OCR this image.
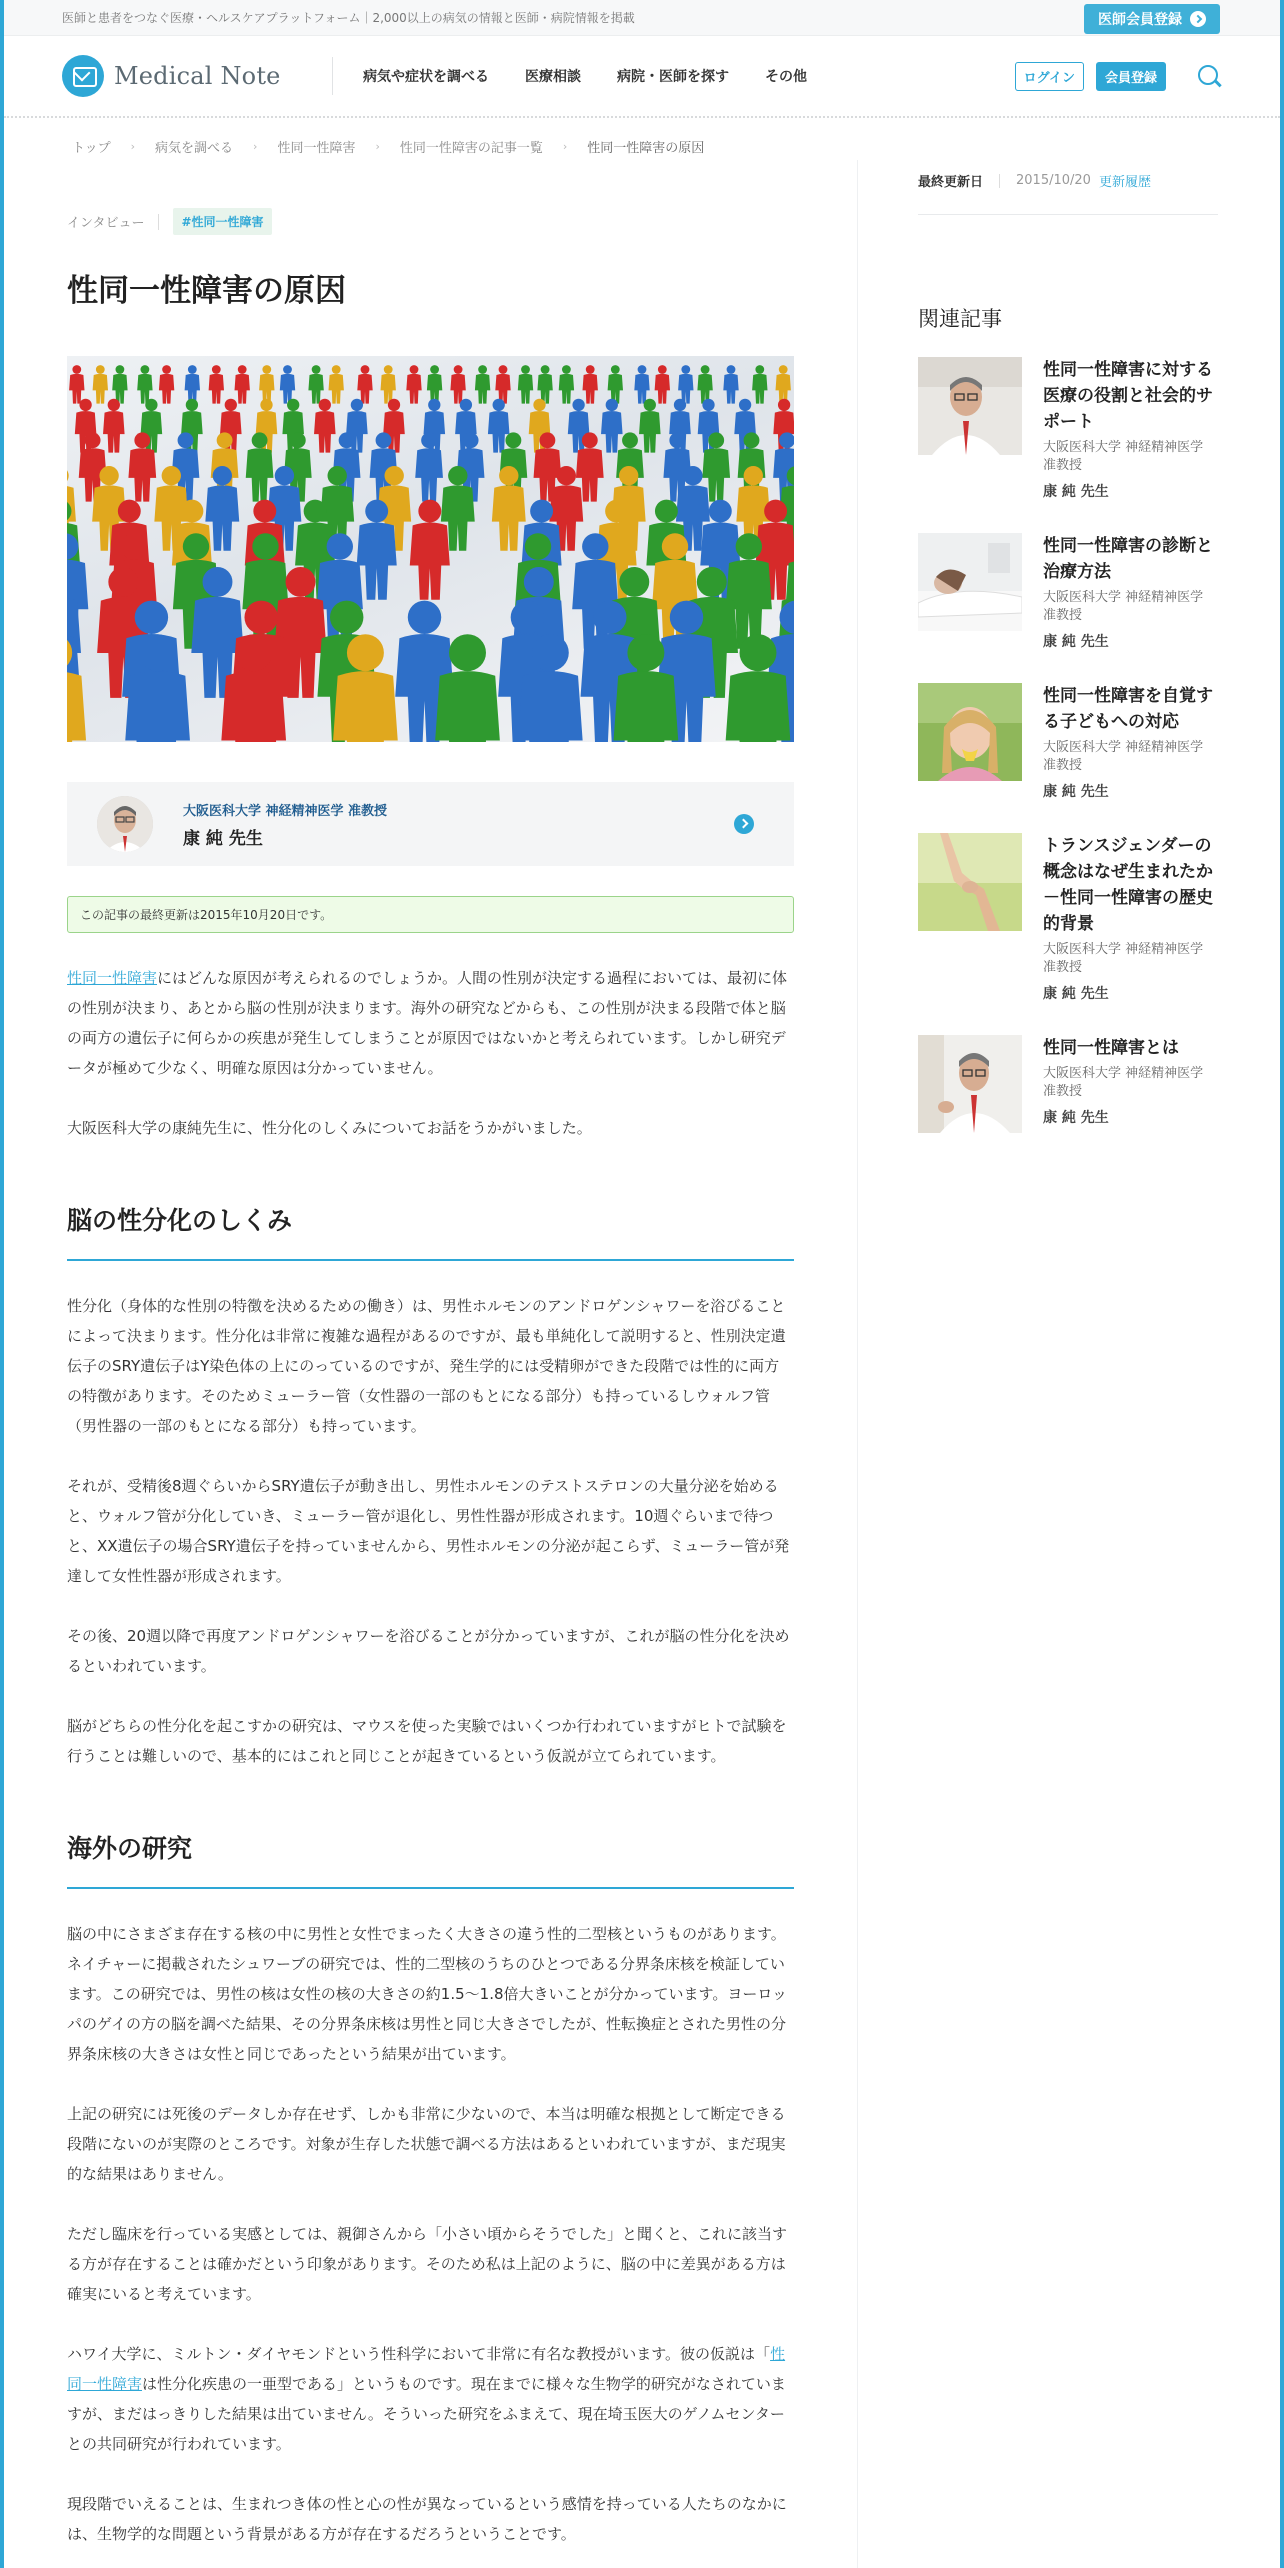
医師と患者をつなぐ医療・ヘルスケアプラットフォーム｜2,000以上の病気の情報と医師・病院情報を掲載	医師会員登録
Medical Note	病気や症状を調べる	医療相談	病院・医師を探す	その他	ログイン	会員登録
トップ › 病気を調べる › 性同一性障害 › 性同一性障害の記事一覧 › 性同一性障害の原因
インタビュー	#性同一性障害
性同一性障害の原因
大阪医科大学 神経精神医学 准教授
康 純 先生
この記事の最終更新は2015年10月20日です。

性同一性障害にはどんな原因が考えられるのでしょうか。人間の性別が決定する過程においては、最初に体の性別が決まり、あとから脳の性別が決まります。海外の研究などからも、この性別が決まる段階で体と脳の両方の遺伝子に何らかの疾患が発生してしまうことが原因ではないかと考えられています。しかし研究データが極めて少なく、明確な原因は分かっていません。

大阪医科大学の康純先生に、性分化のしくみについてお話をうかがいました。

脳の性分化のしくみ

性分化（身体的な性別の特徴を決めるための働き）は、男性ホルモンのアンドロゲンシャワーを浴びることによって決まります。性分化は非常に複雑な過程があるのですが、最も単純化して説明すると、性別決定遺伝子のSRY遺伝子はY染色体の上にのっているのですが、発生学的には受精卵ができた段階では性的に両方の特徴があります。そのためミューラー管（女性器の一部のもとになる部分）も持っているしウォルフ管（男性器の一部のもとになる部分）も持っています。

それが、受精後8週ぐらいからSRY遺伝子が動き出し、男性ホルモンのテストステロンの大量分泌を始めると、ウォルフ管が分化していき、ミューラー管が退化し、男性性器が形成されます。10週ぐらいまで待つと、XX遺伝子の場合SRY遺伝子を持っていませんから、男性ホルモンの分泌が起こらず、ミューラー管が発達して女性性器が形成されます。

その後、20週以降で再度アンドロゲンシャワーを浴びることが分かっていますが、これが脳の性分化を決めるといわれています。

脳がどちらの性分化を起こすかの研究は、マウスを使った実験ではいくつか行われていますがヒトで試験を行うことは難しいので、基本的にはこれと同じことが起きているという仮説が立てられています。

海外の研究

脳の中にさまざま存在する核の中に男性と女性でまったく大きさの違う性的二型核というものがあります。ネイチャーに掲載されたシュワーブの研究では、性的二型核のうちのひとつである分界条床核を検証しています。この研究では、男性の核は女性の核の大きさの約1.5～1.8倍大きいことが分かっています。ヨーロッパのゲイの方の脳を調べた結果、その分界条床核は男性と同じ大きさでしたが、性転換症とされた男性の分界条床核の大きさは女性と同じであったという結果が出ています。

上記の研究には死後のデータしか存在せず、しかも非常に少ないので、本当は明確な根拠として断定できる段階にないのが実際のところです。対象が生存した状態で調べる方法はあるといわれていますが、まだ現実的な結果はありません。

ただし臨床を行っている実感としては、親御さんから「小さい頃からそうでした」と聞くと、これに該当する方が存在することは確かだという印象があります。そのため私は上記のように、脳の中に差異がある方は確実にいると考えています。

ハワイ大学に、ミルトン・ダイヤモンドという性科学において非常に有名な教授がいます。彼の仮説は「性同一性障害は性分化疾患の一亜型である」というものです。現在までに様々な生物学的研究がなされていますが、まだはっきりした結果は出ていません。そういった研究をふまえて、現在埼玉医大のゲノムセンターとの共同研究が行われています。

現段階でいえることは、生まれつき体の性と心の性が異なっているという感情を持っている人たちのなかには、生物学的な問題という背景がある方が存在するだろうということです。

最終更新日	2015/10/20 更新履歴
関連記事
性同一性障害に対する医療の役割と社会的サポート
大阪医科大学 神経精神医学 准教授
康 純 先生
性同一性障害の診断と治療方法
大阪医科大学 神経精神医学 准教授
康 純 先生
性同一性障害を自覚する子どもへの対応
大阪医科大学 神経精神医学 准教授
康 純 先生
トランスジェンダーの概念はなぜ生まれたか－性同一性障害の歴史的背景
大阪医科大学 神経精神医学 准教授
康 純 先生
性同一性障害とは
大阪医科大学 神経精神医学 准教授
康 純 先生
